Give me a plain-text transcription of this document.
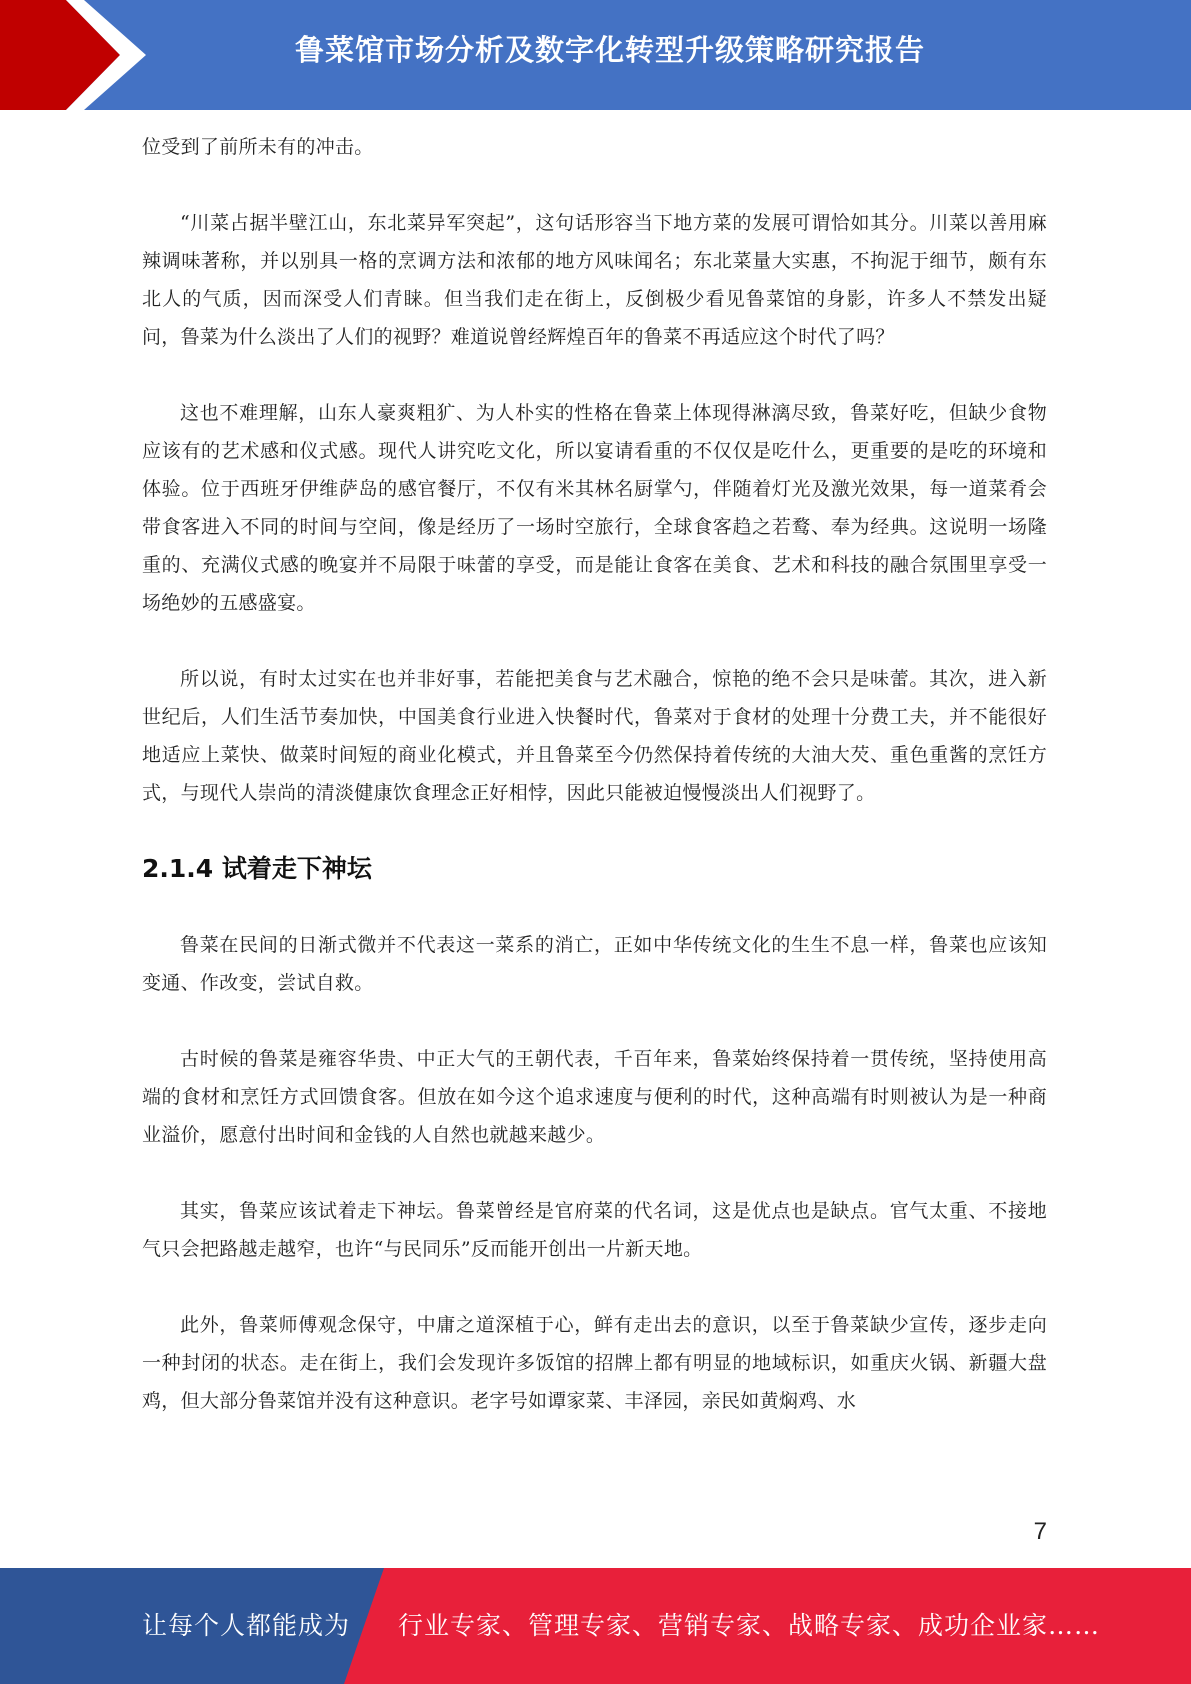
鲁菜馆市场分析及数字化转型升级策略研究报告

位受到了前所未有的冲击。

“川菜占据半壁江山，东北菜异军突起”，这句话形容当下地方菜的发展可谓恰如其分。川菜以善用麻辣调味著称，并以别具一格的烹调方法和浓郁的地方风味闻名；东北菜量大实惠，不拘泥于细节，颇有东北人的气质，因而深受人们青睐。但当我们走在街上，反倒极少看见鲁菜馆的身影，许多人不禁发出疑问，鲁菜为什么淡出了人们的视野？难道说曾经辉煌百年的鲁菜不再适应这个时代了吗？

这也不难理解，山东人豪爽粗犷、为人朴实的性格在鲁菜上体现得淋漓尽致，鲁菜好吃，但缺少食物应该有的艺术感和仪式感。现代人讲究吃文化，所以宴请看重的不仅仅是吃什么，更重要的是吃的环境和体验。位于西班牙伊维萨岛的感官餐厅，不仅有米其林名厨掌勺，伴随着灯光及激光效果，每一道菜肴会带食客进入不同的时间与空间，像是经历了一场时空旅行，全球食客趋之若鹜、奉为经典。这说明一场隆重的、充满仪式感的晚宴并不局限于味蕾的享受，而是能让食客在美食、艺术和科技的融合氛围里享受一场绝妙的五感盛宴。

所以说，有时太过实在也并非好事，若能把美食与艺术融合，惊艳的绝不会只是味蕾。其次，进入新世纪后，人们生活节奏加快，中国美食行业进入快餐时代，鲁菜对于食材的处理十分费工夫，并不能很好地适应上菜快、做菜时间短的商业化模式，并且鲁菜至今仍然保持着传统的大油大芡、重色重酱的烹饪方式，与现代人崇尚的清淡健康饮食理念正好相悖，因此只能被迫慢慢淡出人们视野了。

2.1.4 试着走下神坛

鲁菜在民间的日渐式微并不代表这一菜系的消亡，正如中华传统文化的生生不息一样，鲁菜也应该知变通、作改变，尝试自救。

古时候的鲁菜是雍容华贵、中正大气的王朝代表，千百年来，鲁菜始终保持着一贯传统，坚持使用高端的食材和烹饪方式回馈食客。但放在如今这个追求速度与便利的时代，这种高端有时则被认为是一种商业溢价，愿意付出时间和金钱的人自然也就越来越少。

其实，鲁菜应该试着走下神坛。鲁菜曾经是官府菜的代名词，这是优点也是缺点。官气太重、不接地气只会把路越走越窄，也许“与民同乐”反而能开创出一片新天地。

此外，鲁菜师傅观念保守，中庸之道深植于心，鲜有走出去的意识，以至于鲁菜缺少宣传，逐步走向一种封闭的状态。走在街上，我们会发现许多饭馆的招牌上都有明显的地域标识，如重庆火锅、新疆大盘鸡，但大部分鲁菜馆并没有这种意识。老字号如谭家菜、丰泽园，亲民如黄焖鸡、水

7
让每个人都能成为 行业专家、管理专家、营销专家、战略专家、成功企业家……
